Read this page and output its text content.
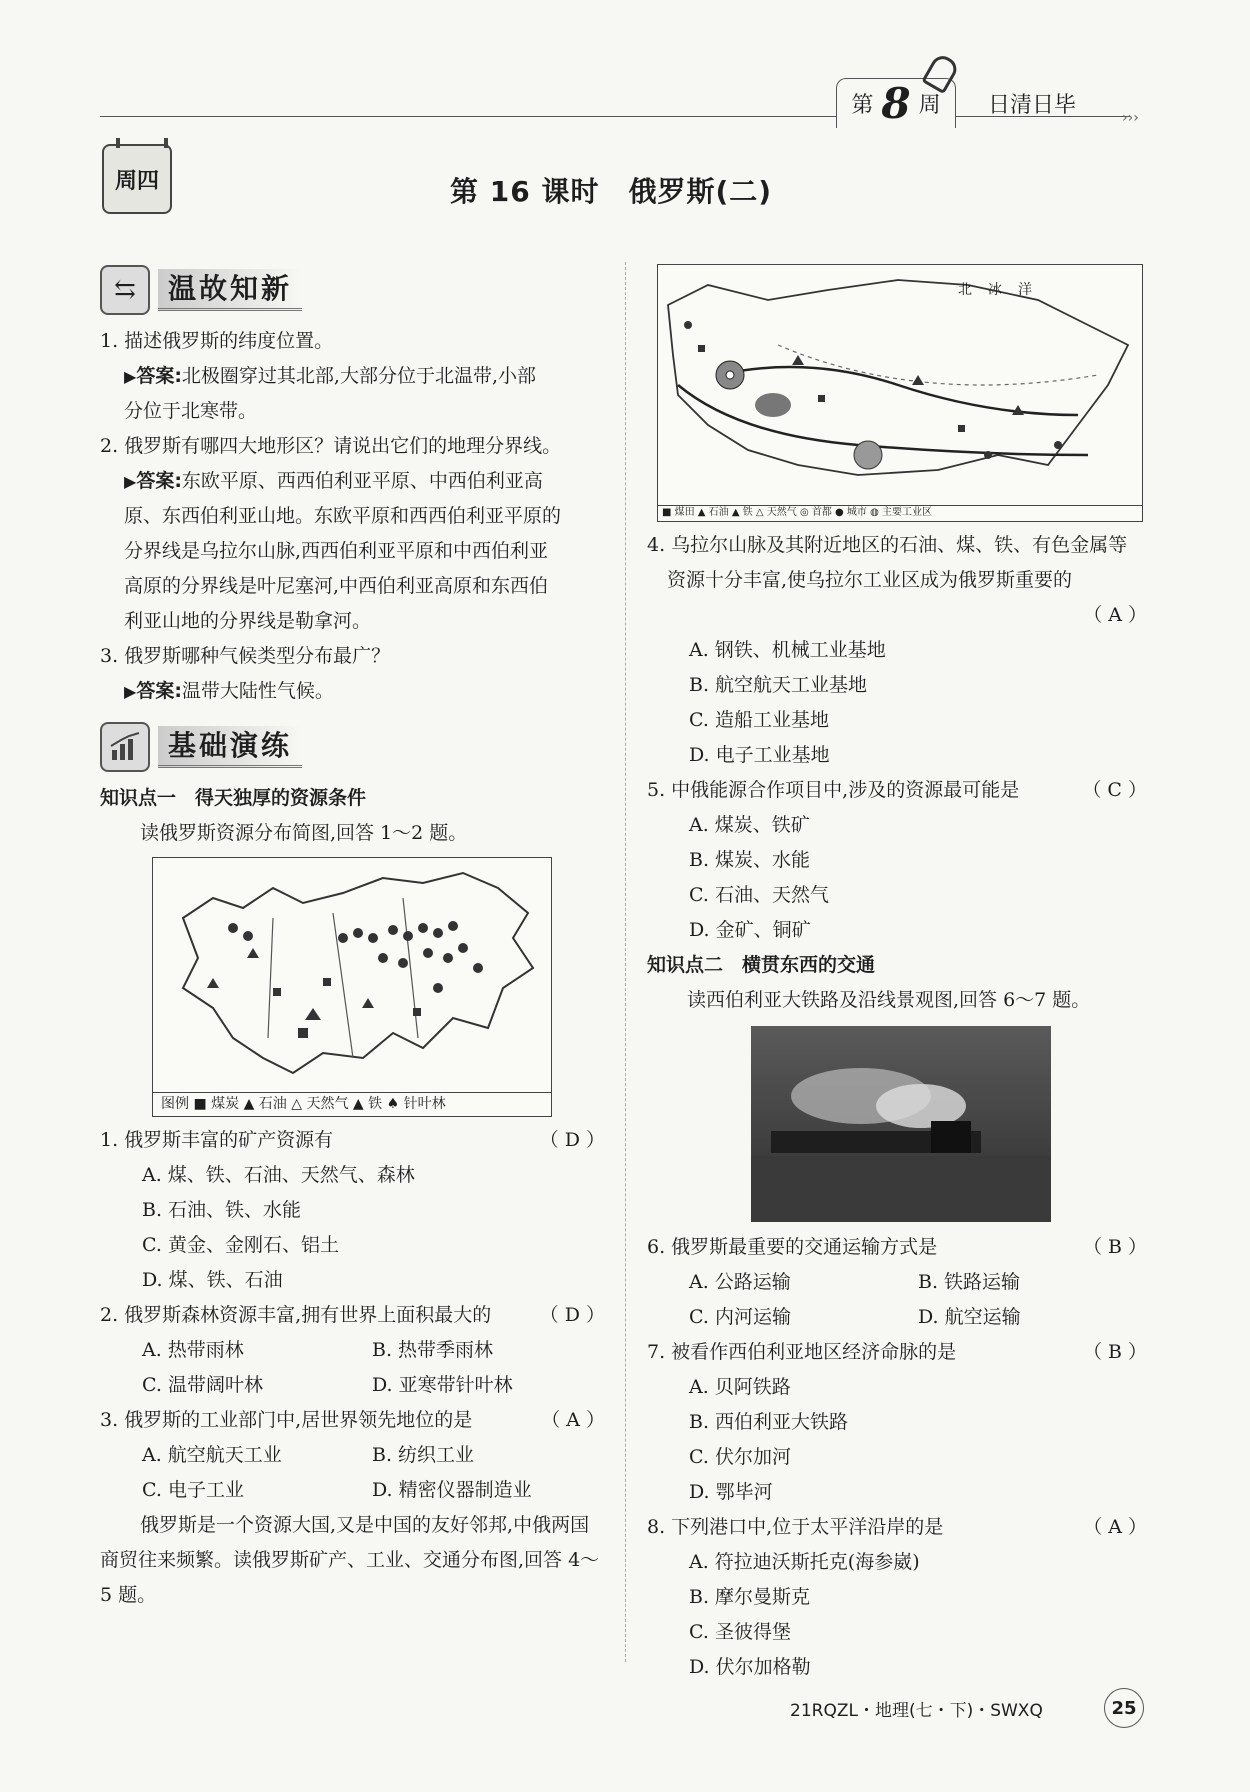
第 8 周 日清日毕	›››
周四	第 16 课时　俄罗斯(二)
⇆	温故知新
1. 描述俄罗斯的纬度位置。
▶答案:北极圈穿过其北部,大部分位于北温带,小部
分位于北寒带。
2. 俄罗斯有哪四大地形区？请说出它们的地理分界线。
▶答案:东欧平原、西西伯利亚平原、中西伯利亚高
原、东西伯利亚山地。东欧平原和西西伯利亚平原的
分界线是乌拉尔山脉,西西伯利亚平原和中西伯利亚
高原的分界线是叶尼塞河,中西伯利亚高原和东西伯
利亚山地的分界线是勒拿河。
3. 俄罗斯哪种气候类型分布最广？
▶答案:温带大陆性气候。
基础演练
知识点一　得天独厚的资源条件
读俄罗斯资源分布简图,回答 1～2 题。
图例 ■ 煤炭 ▲ 石油 △ 天然气 ▲ 铁 ♠ 针叶林
1. 俄罗斯丰富的矿产资源有	（ D ）
A. 煤、铁、石油、天然气、森林
B. 石油、铁、水能
C. 黄金、金刚石、铝土
D. 煤、铁、石油
2. 俄罗斯森林资源丰富,拥有世界上面积最大的	（ D ）
A. 热带雨林	B. 热带季雨林
C. 温带阔叶林	D. 亚寒带针叶林
3. 俄罗斯的工业部门中,居世界领先地位的是	（ A ）
A. 航空航天工业	B. 纺织工业
C. 电子工业	D. 精密仪器制造业
俄罗斯是一个资源大国,又是中国的友好邻邦,中俄两国商贸往来频繁。读俄罗斯矿产、工业、交通分布图,回答 4～5 题。
北冰洋
■ 煤田 ▲ 石油 ▲ 铁 △ 天然气 ◎ 首都 ● 城市 ◍ 主要工业区
4. 乌拉尔山脉及其附近地区的石油、煤、铁、有色金属等
资源十分丰富,使乌拉尔工业区成为俄罗斯重要的
（ A ）
A. 钢铁、机械工业基地
B. 航空航天工业基地
C. 造船工业基地
D. 电子工业基地
5. 中俄能源合作项目中,涉及的资源最可能是	（ C ）
A. 煤炭、铁矿
B. 煤炭、水能
C. 石油、天然气
D. 金矿、铜矿
知识点二　横贯东西的交通
读西伯利亚大铁路及沿线景观图,回答 6～7 题。
6. 俄罗斯最重要的交通运输方式是	（ B ）
A. 公路运输	B. 铁路运输
C. 内河运输	D. 航空运输
7. 被看作西伯利亚地区经济命脉的是	（ B ）
A. 贝阿铁路
B. 西伯利亚大铁路
C. 伏尔加河
D. 鄂毕河
8. 下列港口中,位于太平洋沿岸的是	（ A ）
A. 符拉迪沃斯托克(海参崴)
B. 摩尔曼斯克
C. 圣彼得堡
D. 伏尔加格勒
21RQZL・地理(七・下)・SWXQ	25
